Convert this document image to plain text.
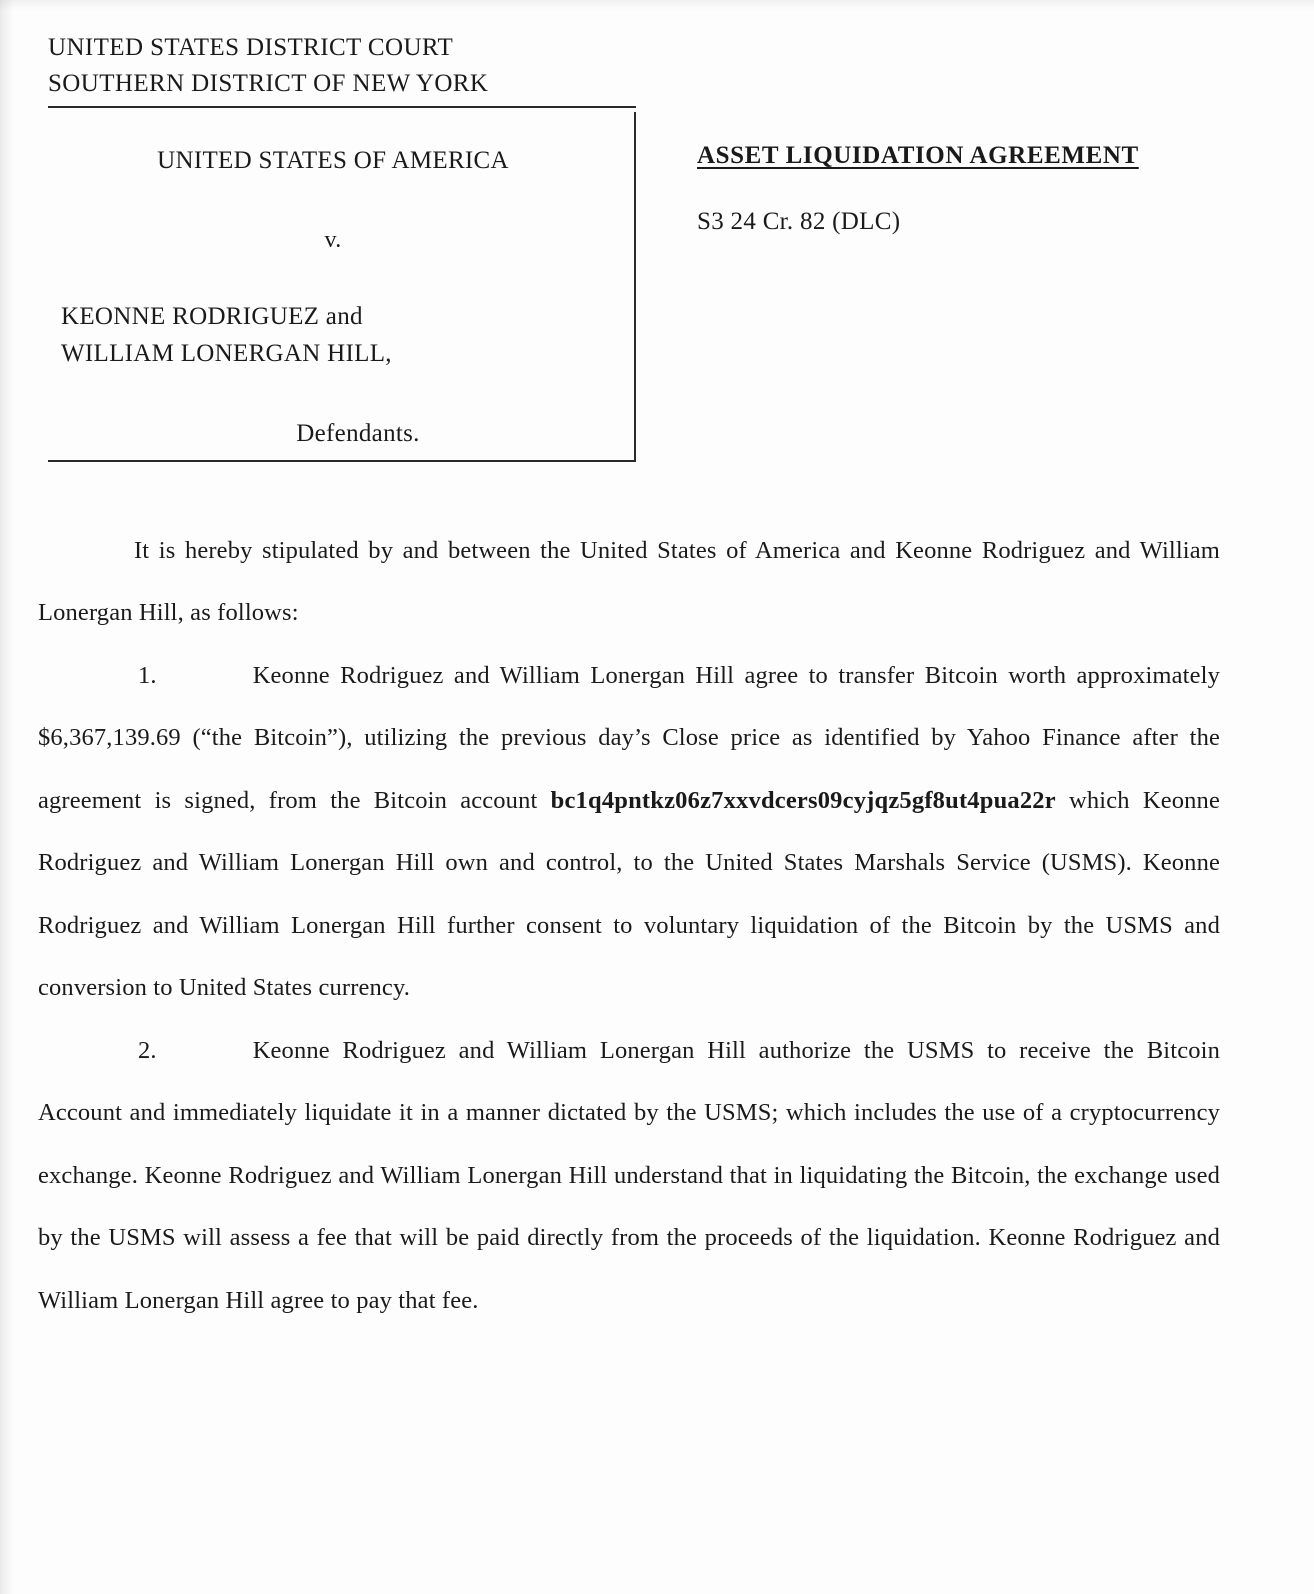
UNITED STATES DISTRICT COURT
SOUTHERN DISTRICT OF NEW YORK
UNITED STATES OF AMERICA
v.
KEONNE RODRIGUEZ and
WILLIAM LONERGAN HILL,
Defendants.
ASSET LIQUIDATION AGREEMENT
S3 24 Cr. 82 (DLC)

It is hereby stipulated by and between the United States of America and Keonne Rodriguez and William Lonergan Hill, as follows:

1.	Keonne Rodriguez and William Lonergan Hill agree to transfer Bitcoin worth approximately $6,367,139.69 (“the Bitcoin”), utilizing the previous day’s Close price as identified by Yahoo Finance after the agreement is signed, from the Bitcoin account bc1q4pntkz06z7xxvdcers09cyjqz5gf8ut4pua22r which Keonne Rodriguez and William Lonergan Hill own and control, to the United States Marshals Service (USMS). Keonne Rodriguez and William Lonergan Hill further consent to voluntary liquidation of the Bitcoin by the USMS and conversion to United States currency.

2.	Keonne Rodriguez and William Lonergan Hill authorize the USMS to receive the Bitcoin Account and immediately liquidate it in a manner dictated by the USMS; which includes the use of a cryptocurrency exchange. Keonne Rodriguez and William Lonergan Hill understand that in liquidating the Bitcoin, the exchange used by the USMS will assess a fee that will be paid directly from the proceeds of the liquidation. Keonne Rodriguez and William Lonergan Hill agree to pay that fee.
